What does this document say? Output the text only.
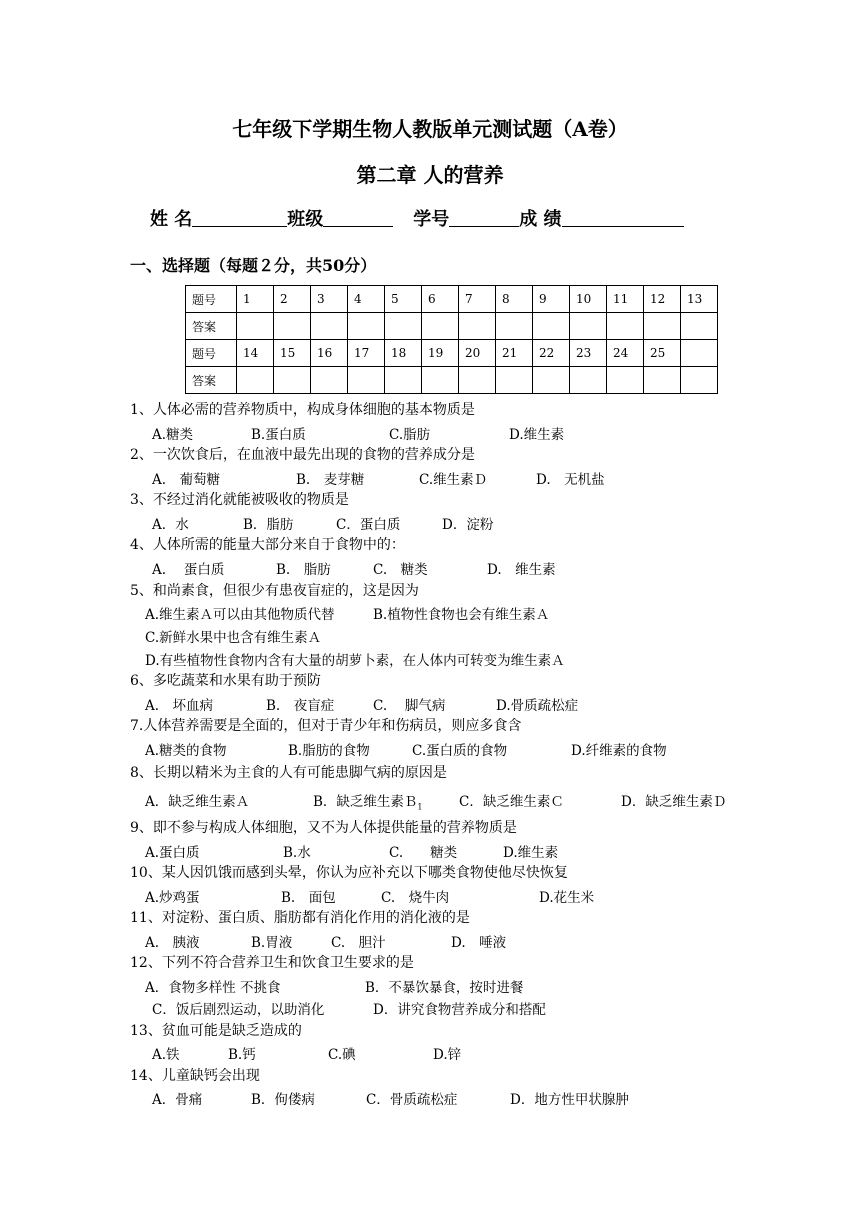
七年级下学期生物人教版单元测试题（A卷）
第二章 人的营养
姓 名	班级	学号	成 绩
一、选择题（每题２分，共50分）
题号	1	2	3	4	5	6	7	8	9	10	11	12	13
答案													
题号	14	15	16	17	18	19	20	21	22	23	24	25	
答案													
1、人体必需的营养物质中，构成身体细胞的基本物质是
A.糖类	B.蛋白质	C.脂肪	D.维生素
2、一次饮食后，在血液中最先出现的食物的营养成分是
A.　葡萄糖	B.　麦芽糖	C.维生素Ｄ	D.　无机盐
3、不经过消化就能被吸收的物质是
A．水	B．脂肪	C．蛋白质	D．淀粉
4、人体所需的能量大部分来自于食物中的：
A.　 蛋白质	B.　脂肪	C.　糖类	D.　维生素
5、和尚素食，但很少有患夜盲症的，这是因为
A.维生素Ａ可以由其他物质代替	B.植物性食物也会有维生素Ａ
C.新鲜水果中也含有维生素Ａ
D.有些植物性食物内含有大量的胡萝卜素，在人体内可转变为维生素Ａ
6、多吃蔬菜和水果有助于预防
A.　坏血病	B.　夜盲症	C.　 脚气病	D.骨质疏松症
7.人体营养需要是全面的，但对于青少年和伤病员，则应多食含
A.糖类的食物	B.脂肪的食物	C.蛋白质的食物	D.纤维素的食物
8、长期以精米为主食的人有可能患脚气病的原因是
A．缺乏维生素Ａ	B．缺乏维生素Ｂ$_1$	C．缺乏维生素Ｃ	D．缺乏维生素Ｄ
9、即不参与构成人体细胞，又不为人体提供能量的营养物质是
A.蛋白质	B.水	C.　　糖类	D.维生素
10、某人因饥饿而感到头晕，你认为应补充以下哪类食物使他尽快恢复
A.炒鸡蛋	B.　面包	C.　烧牛肉	D.花生米
11、对淀粉、蛋白质、脂肪都有消化作用的消化液的是
A.　胰液	B.胃液	C.　胆汁	D.　唾液
12、下列不符合营养卫生和饮食卫生要求的是
A．食物多样性 不挑食	B．不暴饮暴食，按时进餐
C．饭后剧烈运动，以助消化	D．讲究食物营养成分和搭配
13、贫血可能是缺乏造成的
A.铁	B.钙	C.碘	D.锌
14、儿童缺钙会出现
A．骨痛	B．佝偻病	C．骨质疏松症	D．地方性甲状腺肿
